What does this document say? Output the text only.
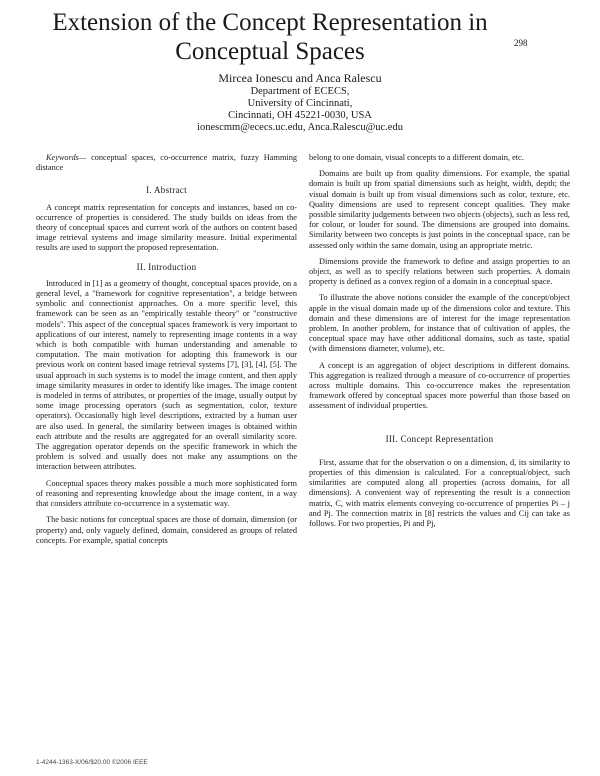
Extension of the Concept Representation in Conceptual Spaces	298
Mircea Ionescu and Anca Ralescu
Department of ECECS,
University of Cincinnati,
Cincinnati, OH 45221-0030, USA
ionescmm@ececs.uc.edu, Anca.Ralescu@uc.edu

Keywords— conceptual spaces, co-occurrence matrix, fuzzy Hamming distance

I. Abstract

A concept matrix representation for concepts and instances, based on co-occurrence of properties is considered. The study builds on ideas from the theory of conceptual spaces and current work of the authors on content based image retrieval systems and image similarity measure. Initial experimental results are used to support the proposed representation.

II. Introduction

Introduced in [1] as a geometry of thought, conceptual spaces provide, on a general level, a "framework for cognitive representation", a bridge between symbolic and connectionist approaches. On a more specific level, this framework can be seen as an "empirically testable theory" or "constructive models". This aspect of the conceptual spaces framework is very important to applications of our interest, namely to representing image contents in a way which is both compatible with human understanding and amenable to computation. The main motivation for adopting this framework is our previous work on content based image retrieval systems [7], [3], [4], [5]. The usual approach in such systems is to model the image content, and then apply image similarity measures in order to identify like images. The image content is modeled in terms of attributes, or properties of the image, usually output by some image processing operators (such as segmentation, color, texture operators). Occasionally high level descriptions, extracted by a human user are also used. In general, the similarity between images is obtained within each attribute and the results are aggregated for an overall similarity score. The aggregation operator depends on the specific framework in which the problem is solved and usually does not make any assumptions on the interaction between attributes.

Conceptual spaces theory makes possible a much more sophisticated form of reasoning and representing knowledge about the image content, in a way that considers attribute co-occurrence in a systematic way.

The basic notions for conceptual spaces are those of domain, dimension (or property) and, only vaguely defined, domain, considered as groups of related concepts. For example, spatial concepts

belong to one domain, visual concepts to a different domain, etc.

Domains are built up from quality dimensions. For example, the spatial domain is built up from spatial dimensions such as height, width, depth; the visual domain is built up from visual dimensions such as color, texture, etc. Quality dimensions are used to represent concept qualities. They make possible similarity judgements between two objects (objects), such as less red, for colour, or louder for sound. The dimensions are grouped into domains. Similarity between two concepts is just points in the conceptual space, can be assessed only within the same domain, using an appropriate metric.

Dimensions provide the framework to define and assign properties to an object, as well as to specify relations between such properties. A domain property is defined as a convex region of a domain in a conceptual space.

To illustrate the above notions consider the example of the concept/object apple in the visual domain made up of the dimensions color and texture. This domain and these dimensions are of interest for the image representation problem. In another problem, for instance that of cultivation of apples, the conceptual space may have other additional domains, such as taste, spatial (with dimensions diameter, volume), etc.

A concept is an aggregation of object descriptions in different domains. This aggregation is realized through a measure of co-occurrence of properties across multiple domains. This co-occurrence makes the representation framework offered by conceptual spaces more powerful than those based on assessment of individual properties.

III. Concept Representation

First, assume that for the observation o on a dimension, d, its similarity to properties of this dimension is calculated. For a conceptual/object, such similarities are computed along all properties (across domains, for all dimensions). A convenient way of representing the result is a connection matrix, C, with matrix elements conveying co-occurrence of properties Pi – j and Pj. The connection matrix in [8] restricts the values and Cij can take as follows. For two properties, Pi and Pj,

1-4244-1363-X/06/$20.00 ©2006 IEEE
